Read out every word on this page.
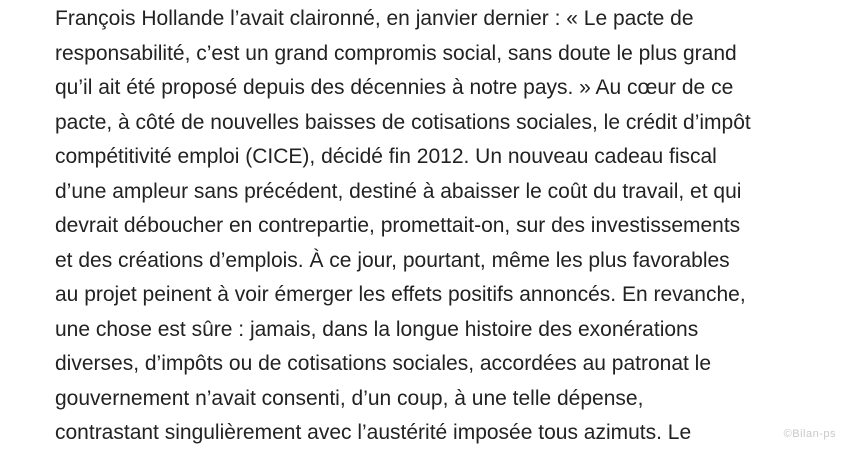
François Hollande l’avait claironné, en janvier dernier : « Le pacte de
responsabilité, c’est un grand compromis social, sans doute le plus grand
qu’il ait été proposé depuis des décennies à notre pays. » Au cœur de ce
pacte, à côté de nouvelles baisses de cotisations sociales, le crédit d’impôt
compétitivité emploi (CICE), décidé fin 2012. Un nouveau cadeau fiscal
d’une ampleur sans précédent, destiné à abaisser le coût du travail, et qui
devrait déboucher en contrepartie, promettait-on, sur des investissements
et des créations d’emplois. À ce jour, pourtant, même les plus favorables
au projet peinent à voir émerger les effets positifs annoncés. En revanche,
une chose est sûre : jamais, dans la longue histoire des exonérations
diverses, d’impôts ou de cotisations sociales, accordées au patronat le
gouvernement n’avait consenti, d’un coup, à une telle dépense,
contrastant singulièrement avec l’austérité imposée tous azimuts. Le	©Bilan-ps
